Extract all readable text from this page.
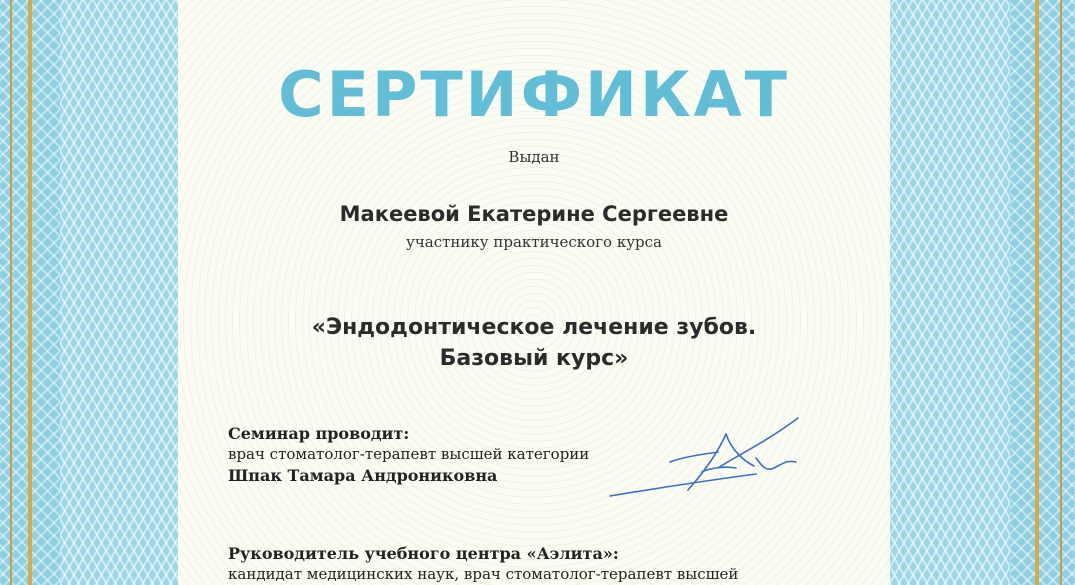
СЕРТИФИКАТ
Выдан
Макеевой Екатерине Сергеевне
участнику практического курса
«Эндодонтическое лечение зубов.
Базовый курс»
Семинар проводит:
врач стоматолог-терапевт высшей категории
Шпак Тамара Андрониковна
Руководитель учебного центра «Аэлита»:
кандидат медицинских наук, врач стоматолог-терапевт высшей
